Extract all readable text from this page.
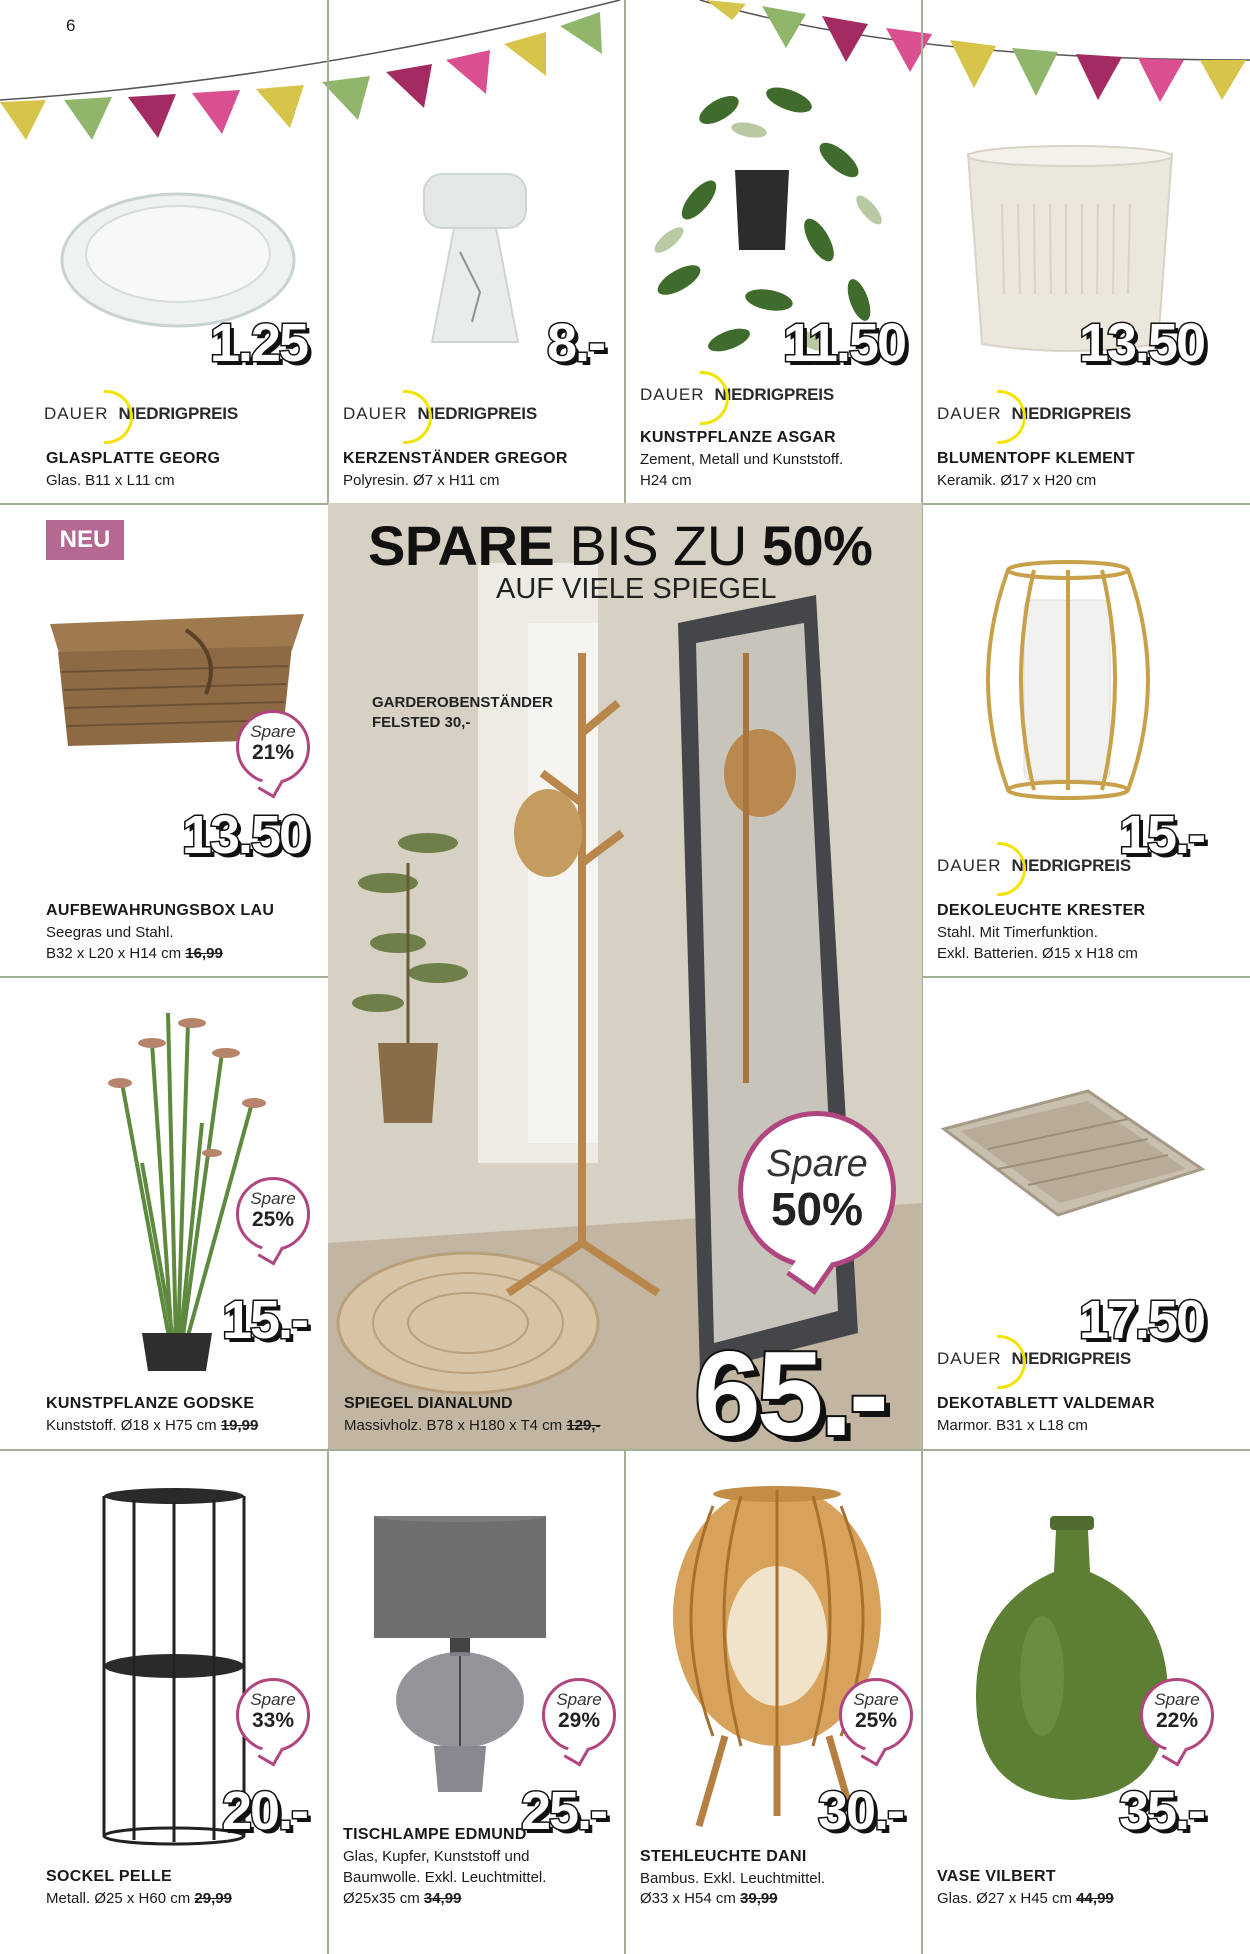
6
1.25
DAUER NIEDRIGPREIS
GLASPLATTE GEORG
Glas. B11 x L11 cm
8.-
DAUER NIEDRIGPREIS
KERZENSTÄNDER GREGOR
Polyresin. Ø7 x H11 cm
11.50
DAUER NIEDRIGPREIS
KUNSTPFLANZE ASGAR
Zement, Metall und Kunststoff.
H24 cm
13.50
DAUER NIEDRIGPREIS
BLUMENTOPF KLEMENT
Keramik. Ø17 x H20 cm
Spare
21%
13.50
AUFBEWAHRUNGSBOX LAU
Seegras und Stahl.
B32 x L20 x H14 cm 16,99
NEU	SPARE BIS ZU 50%
AUF VIELE SPIEGEL
GARDEROBENSTÄNDER
FELSTED 30,-
Spare
50%
65.-
SPIEGEL DIANALUND
Massivholz. B78 x H180 x T4 cm 129,-
15.-
DAUER NIEDRIGPREIS
DEKOLEUCHTE KRESTER
Stahl. Mit Timerfunktion.
Exkl. Batterien. Ø15 x H18 cm
Spare
25%
15.-
KUNSTPFLANZE GODSKE
Kunststoff. Ø18 x H75 cm 19,99
17.50
DAUER NIEDRIGPREIS
DEKOTABLETT VALDEMAR
Marmor. B31 x L18 cm
Spare
33%
20.-
SOCKEL PELLE
Metall. Ø25 x H60 cm 29,99
Spare
29%
25.-
TISCHLAMPE EDMUND
Glas, Kupfer, Kunststoff und
Baumwolle. Exkl. Leuchtmittel.
Ø25x35 cm 34,99
Spare
25%
30.-
STEHLEUCHTE DANI
Bambus. Exkl. Leuchtmittel.
Ø33 x H54 cm 39,99
Spare
22%
35.-
VASE VILBERT
Glas. Ø27 x H45 cm 44,99
